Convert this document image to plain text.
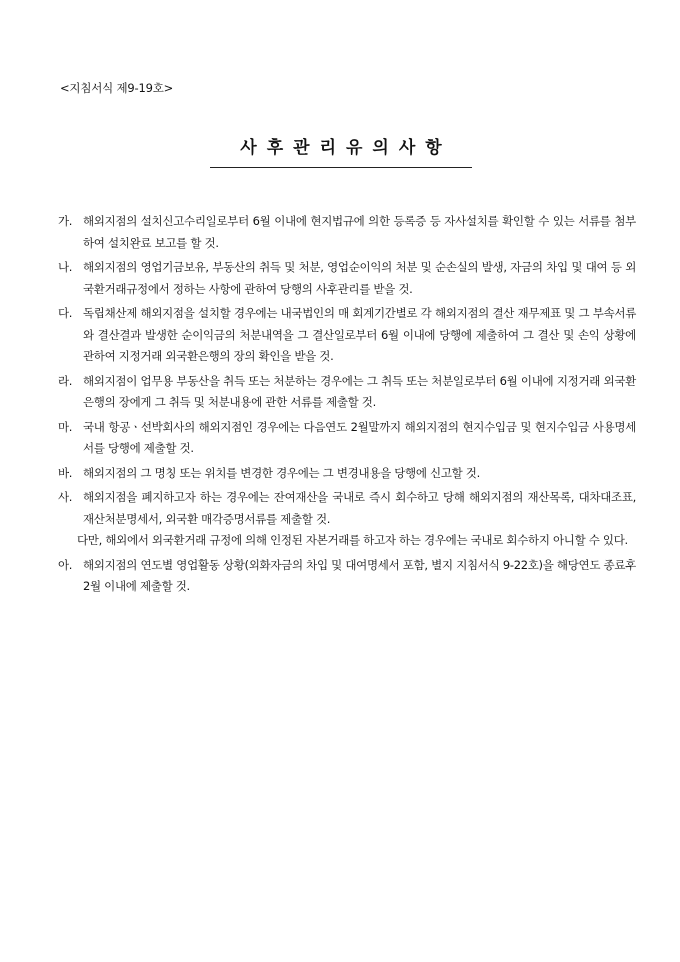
<지침서식 제9-19호>
사후관리유의사항
가. 해외지점의 설치신고수리일로부터 6월 이내에 현지법규에 의한 등록증 등 자사설치를 확인할 수 있는 서류를 첨부하여 설치완료 보고를 할 것.
나. 해외지점의 영업기금보유, 부동산의 취득 및 처분, 영업순이익의 처분 및 순손실의 발생, 자금의 차입 및 대여 등 외국환거래규정에서 정하는 사항에 관하여 당행의 사후관리를 받을 것.
다. 독립채산제 해외지점을 설치할 경우에는 내국법인의 매 회계기간별로 각 해외지점의 결산 재무제표 및 그 부속서류와 결산결과 발생한 순이익금의 처분내역을 그 결산일로부터 6월 이내에 당행에 제출하여 그 결산 및 손익 상황에 관하여 지정거래 외국환은행의 장의 확인을 받을 것.
라. 해외지점이 업무용 부동산을 취득 또는 처분하는 경우에는 그 취득 또는 처분일로부터 6월 이내에 지정거래 외국환은행의 장에게 그 취득 및 처분내용에 관한 서류를 제출할 것.
마. 국내 항공ㆍ선박회사의 해외지점인 경우에는 다음연도 2월말까지 해외지점의 현지수입금 및 현지수입금 사용명세서를 당행에 제출할 것.
바. 해외지점의 그 명칭 또는 위치를 변경한 경우에는 그 변경내용을 당행에 신고할 것.
사. 해외지점을 폐지하고자 하는 경우에는 잔여재산을 국내로 즉시 회수하고 당해 해외지점의 재산목록, 대차대조표, 재산처분명세서, 외국환 매각증명서류를 제출할 것.
다만, 해외에서 외국환거래 규정에 의해 인정된 자본거래를 하고자 하는 경우에는 국내로 회수하지 아니할 수 있다.
아. 해외지점의 연도별 영업활동 상황(외화자금의 차입 및 대여명세서 포함, 별지 지침서식 9-22호)을 해당연도 종료후 2월 이내에 제출할 것.
